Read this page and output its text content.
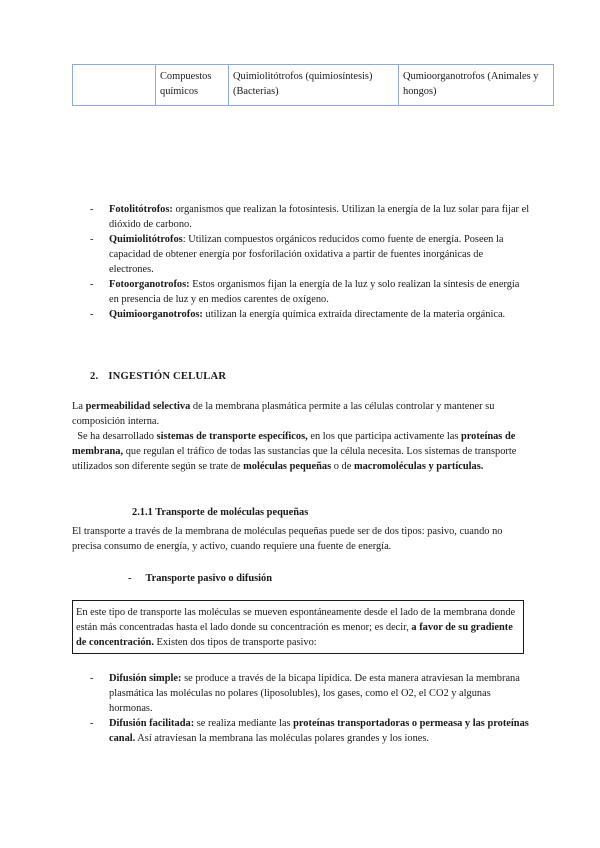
	Compuestos químicos	Quimiolitótrofos (quimiosíntesis) (Bacterias)	Qumioorganotrofos (Animales y hongos)
- Fotolitótrofos: organismos que realizan la fotosíntesis. Utilizan la energía de la luz solar para fijar el dióxido de carbono.
- Quimiolitótrofos: Utilizan compuestos orgánicos reducidos como fuente de energía. Poseen la capacidad de obtener energía por fosforilación oxidativa a partir de fuentes inorgánicas de electrones.
- Fotoorganotrofos: Estos organismos fijan la energía de la luz y solo realizan la síntesis de energía en presencia de luz y en medios carentes de oxígeno.
- Quimioorganotrofos: utilizan la energía química extraída directamente de la materia orgánica.
2. INGESTIÓN CELULAR
La permeabilidad selectiva de la membrana plasmática permite a las células controlar y mantener su composición interna.
Se ha desarrollado sistemas de transporte específicos, en los que participa activamente las proteínas de membrana, que regulan el tráfico de todas las sustancias que la célula necesita. Los sistemas de transporte utilizados son diferente según se trate de moléculas pequeñas o de macromoléculas y partículas.
2.1.1 Transporte de moléculas pequeñas
El transporte a través de la membrana de moléculas pequeñas puede ser de dos tipos: pasivo, cuando no precisa consumo de energía, y activo, cuando requiere una fuente de energía.
- Transporte pasivo o difusión
En este tipo de transporte las moléculas se mueven espontáneamente desde el lado de la membrana donde están más concentradas hasta el lado donde su concentración es menor; es decir, a favor de su gradiente de concentración. Existen dos tipos de transporte pasivo:
- Difusión simple: se produce a través de la bicapa lipídica. De esta manera atraviesan la membrana plasmática las moléculas no polares (liposolubles), los gases, como el O2, el CO2 y algunas hormonas.
- Difusión facilitada: se realiza mediante las proteínas transportadoras o permeasa y las proteínas canal. Así atraviesan la membrana las moléculas polares grandes y los iones.
